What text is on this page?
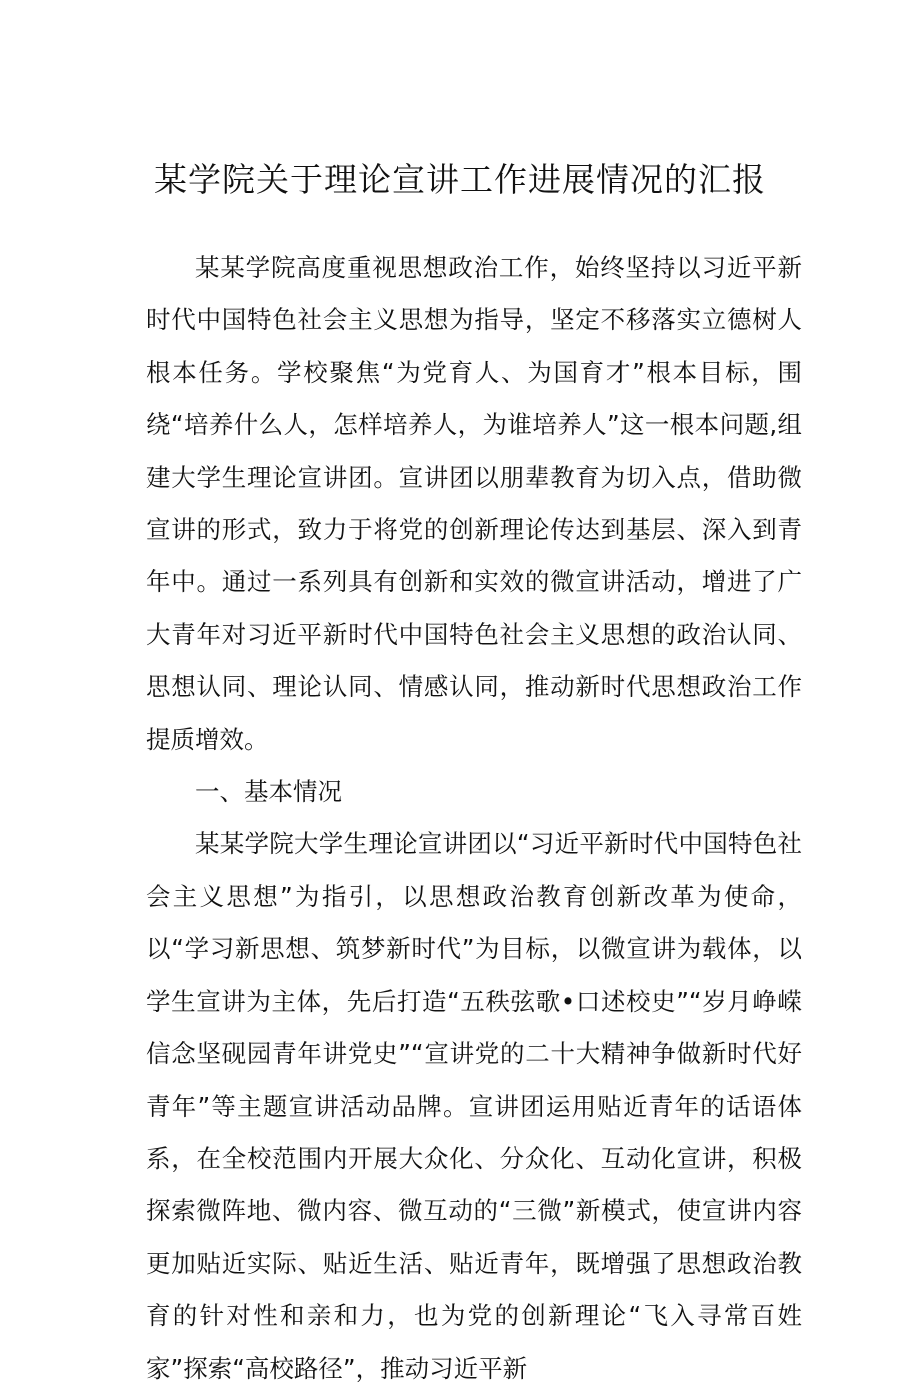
某学院关于理论宣讲工作进展情况的汇报

某某学院高度重视思想政治工作，始终坚持以习近平新时代中国特色社会主义思想为指导，坚定不移落实立德树人根本任务。学校聚焦“为党育人、为国育才”根本目标，围绕“培养什么人，怎样培养人，为谁培养人”这一根本问题,组建大学生理论宣讲团。宣讲团以朋辈教育为切入点，借助微宣讲的形式，致力于将党的创新理论传达到基层、深入到青年中。通过一系列具有创新和实效的微宣讲活动，增进了广大青年对习近平新时代中国特色社会主义思想的政治认同、思想认同、理论认同、情感认同，推动新时代思想政治工作提质增效。

一、基本情况

某某学院大学生理论宣讲团以“习近平新时代中国特色社会主义思想”为指引，以思想政治教育创新改革为使命，以“学习新思想、筑梦新时代”为目标，以微宣讲为载体，以学生宣讲为主体，先后打造“五秩弦歌•口述校史”“岁月峥嵘信念坚砚园青年讲党史”“宣讲党的二十大精神争做新时代好青年”等主题宣讲活动品牌。宣讲团运用贴近青年的话语体系，在全校范围内开展大众化、分众化、互动化宣讲，积极探索微阵地、微内容、微互动的“三微”新模式，使宣讲内容更加贴近实际、贴近生活、贴近青年，既增强了思想政治教育的针对性和亲和力，也为党的创新理论“飞入寻常百姓家”探索“高校路径”，推动习近平新
